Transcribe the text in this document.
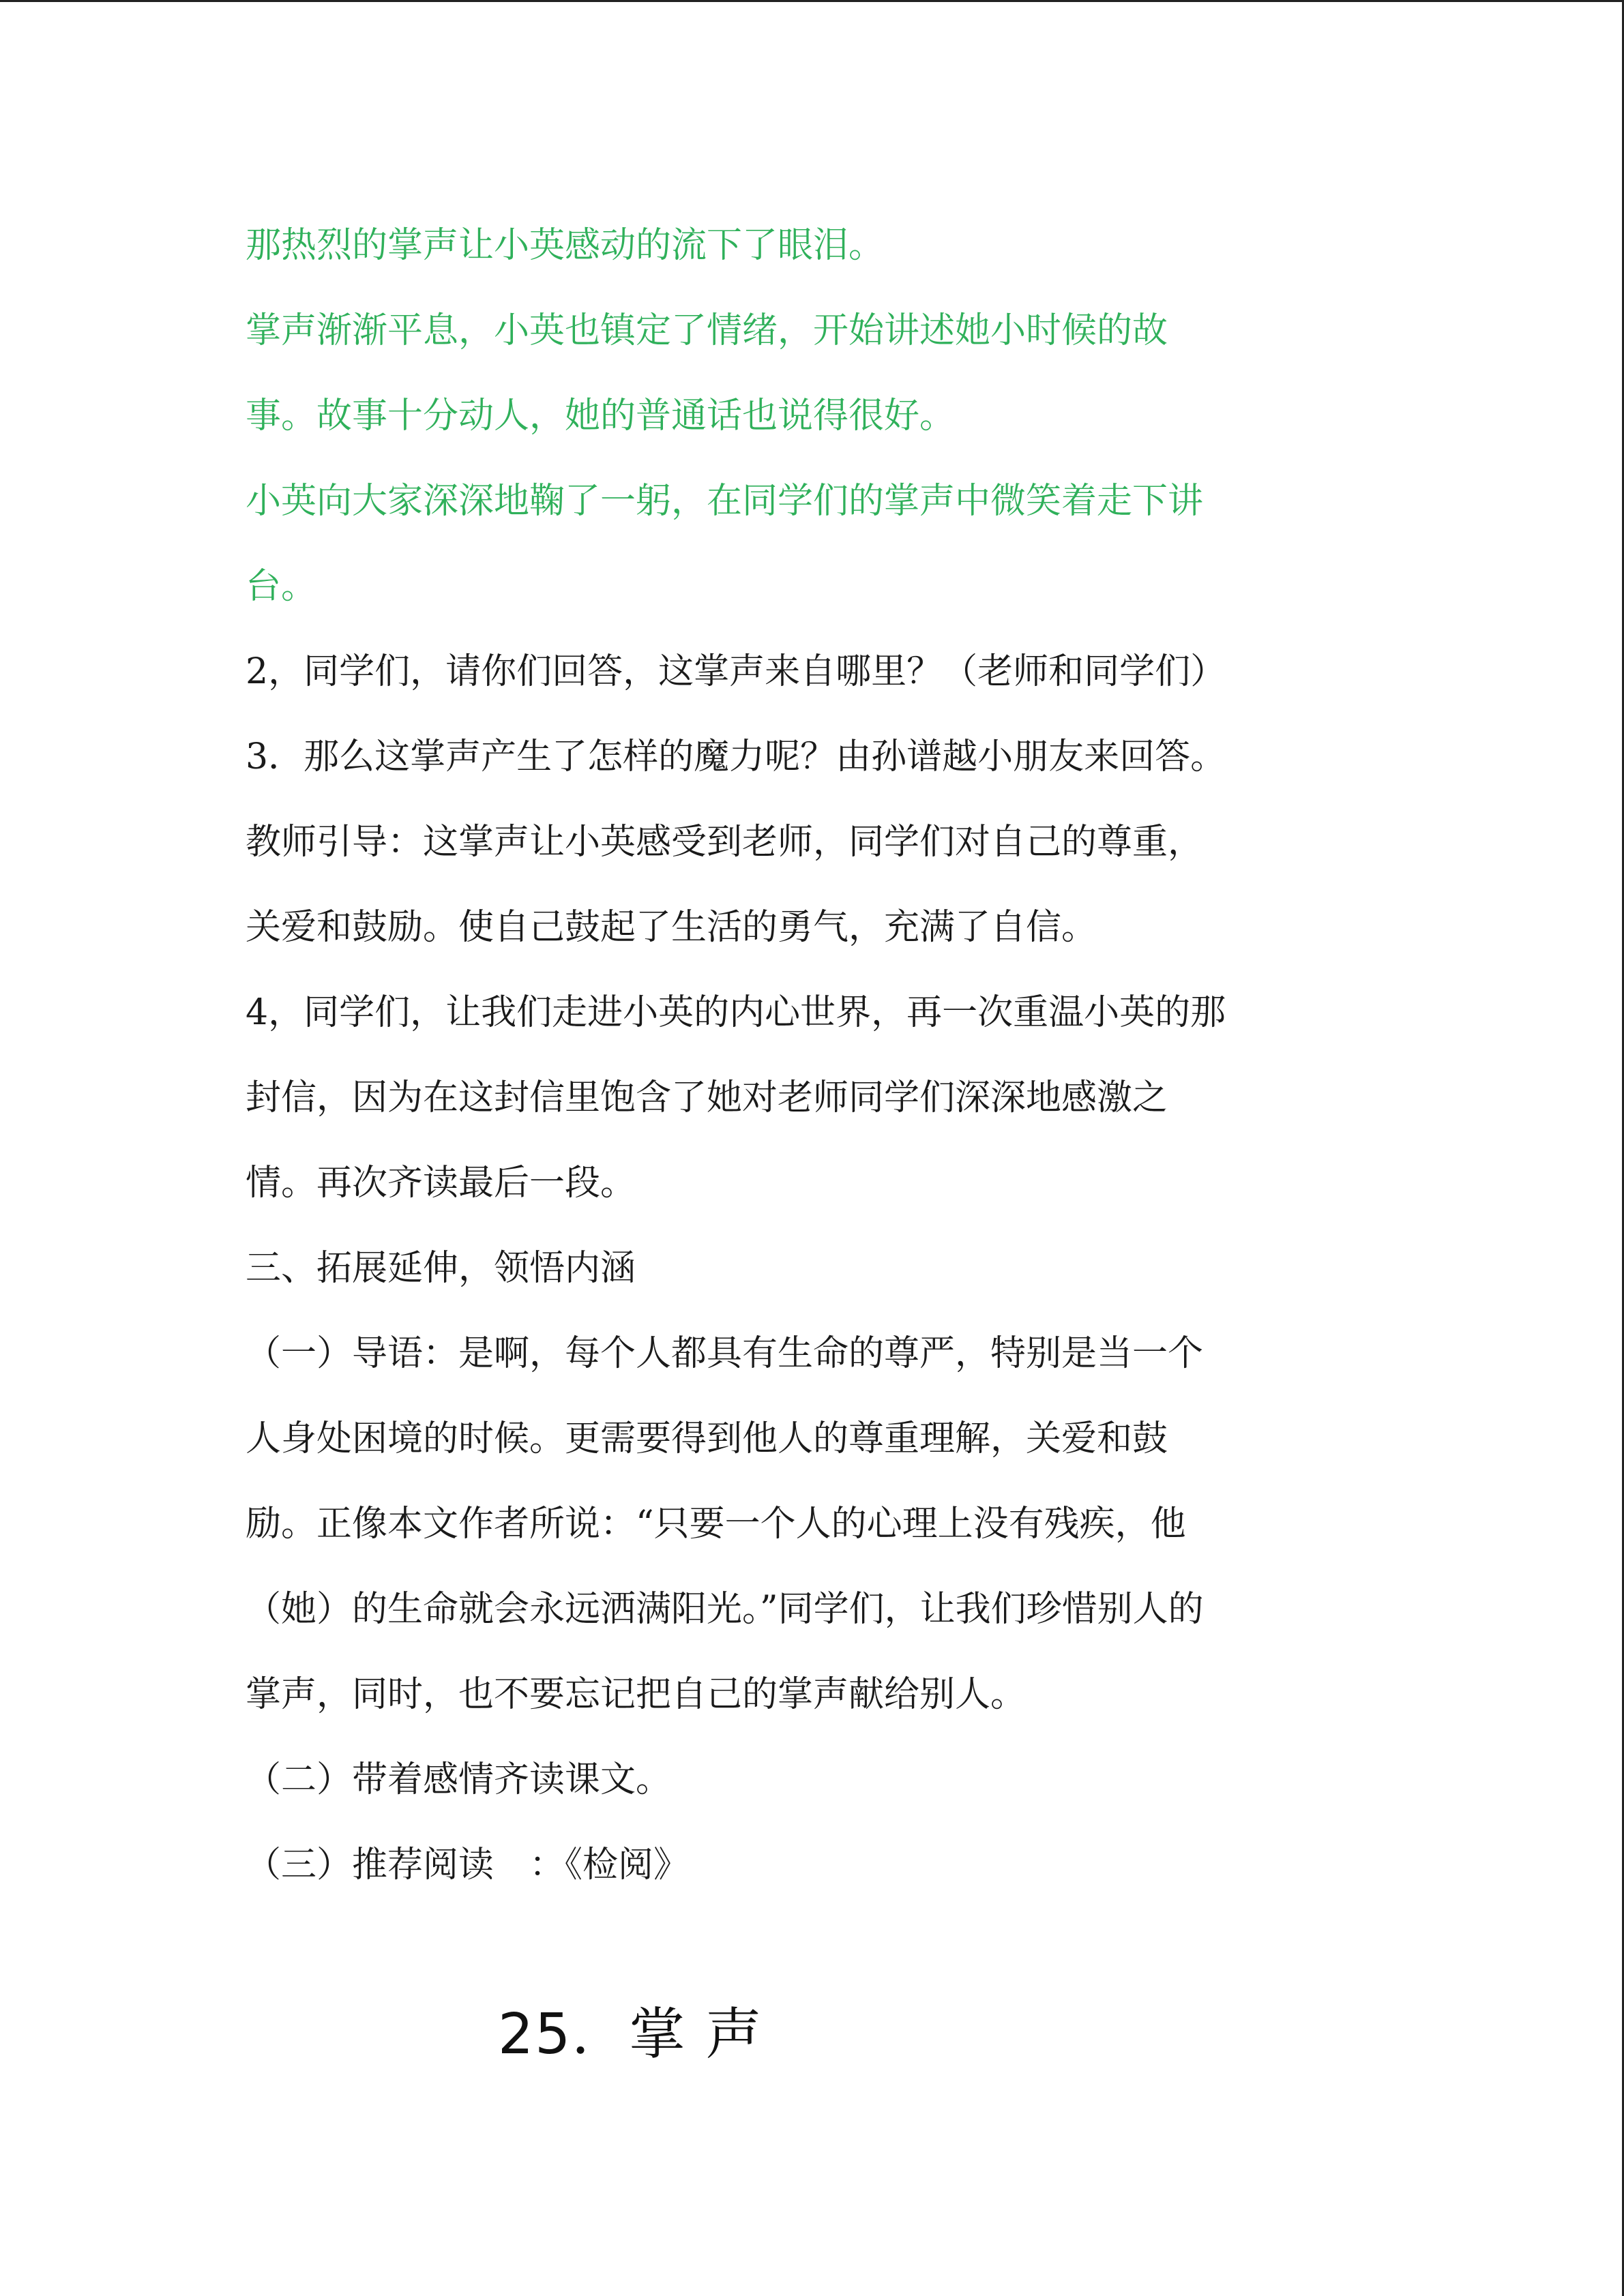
那热烈的掌声让小英感动的流下了眼泪。
掌声渐渐平息，小英也镇定了情绪，开始讲述她小时候的故
事。故事十分动人，她的普通话也说得很好。
小英向大家深深地鞠了一躬，在同学们的掌声中微笑着走下讲
台。
2，同学们，请你们回答，这掌声来自哪里？（老师和同学们）
3．那么这掌声产生了怎样的魔力呢？由孙谱越小朋友来回答。
教师引导：这掌声让小英感受到老师，同学们对自己的尊重，
关爱和鼓励。使自己鼓起了生活的勇气，充满了自信。
4，同学们，让我们走进小英的内心世界，再一次重温小英的那
封信，因为在这封信里饱含了她对老师同学们深深地感激之
情。再次齐读最后一段。
三、拓展延伸，领悟内涵
（一）导语：是啊，每个人都具有生命的尊严，特别是当一个
人身处困境的时候。更需要得到他人的尊重理解，关爱和鼓
励。正像本文作者所说：“只要一个人的心理上没有残疾，他
（她）的生命就会永远洒满阳光。”同学们，让我们珍惜别人的
掌声，同时，也不要忘记把自己的掌声献给别人。
（二）带着感情齐读课文。
（三）推荐阅读　：《检阅》
25．掌 声
